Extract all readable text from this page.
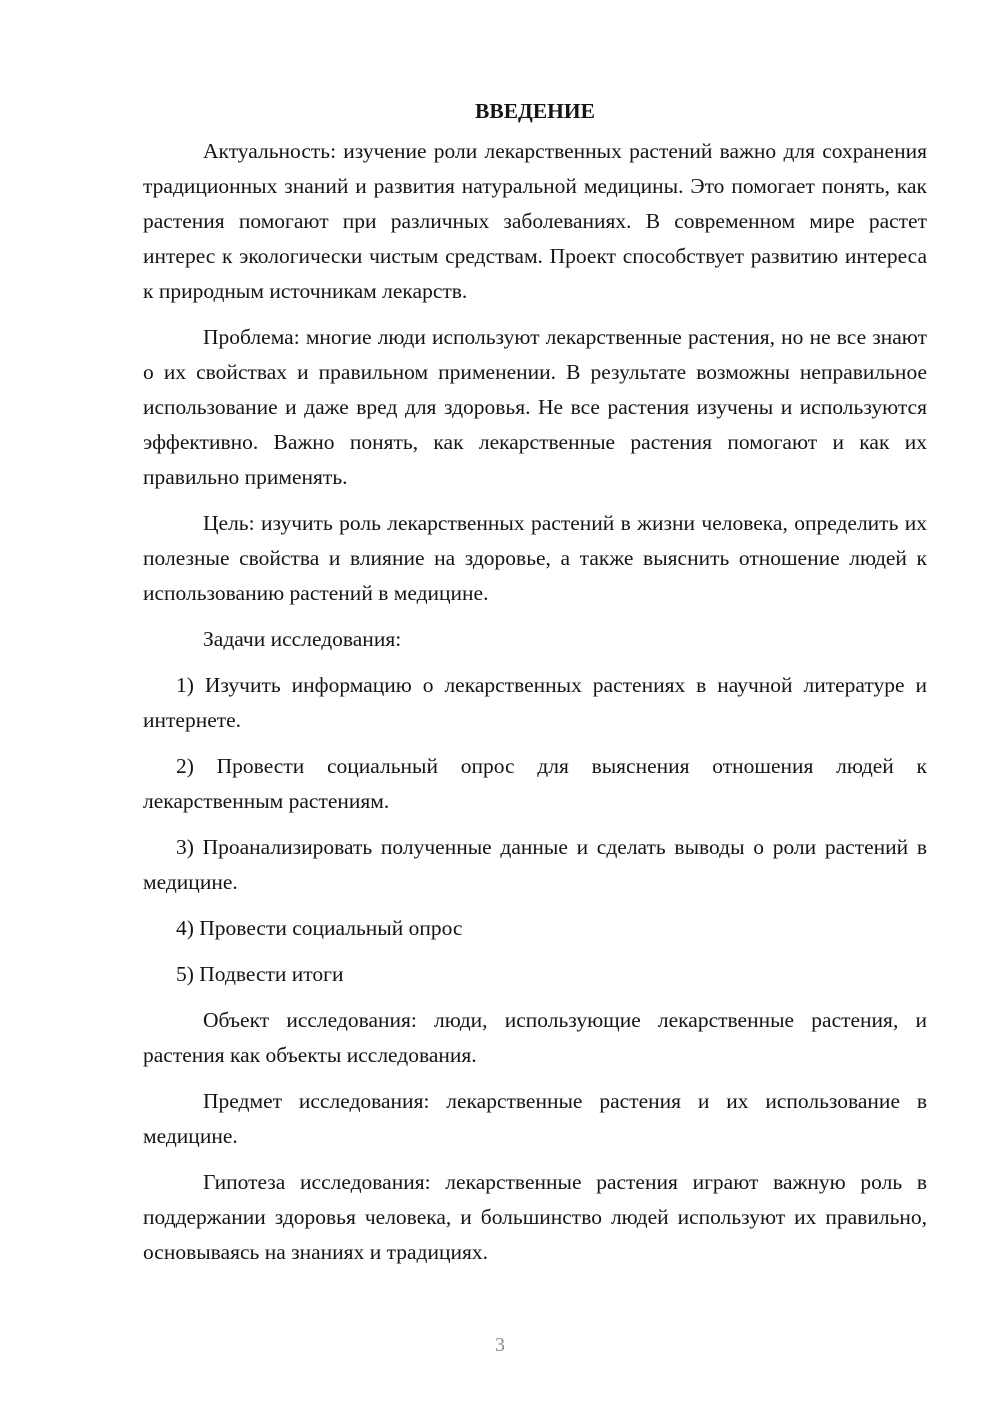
ВВЕДЕНИЕ

Актуальность: изучение роли лекарственных растений важно для сохранения традиционных знаний и развития натуральной медицины. Это помогает понять, как растения помогают при различных заболеваниях. В современном мире растет интерес к экологически чистым средствам. Проект способствует развитию интереса к природным источникам лекарств.

Проблема: многие люди используют лекарственные растения, но не все знают о их свойствах и правильном применении. В результате возможны неправильное использование и даже вред для здоровья. Не все растения изучены и используются эффективно. Важно понять, как лекарственные растения помогают и как их правильно применять.

Цель: изучить роль лекарственных растений в жизни человека, определить их полезные свойства и влияние на здоровье, а также выяснить отношение людей к использованию растений в медицине.

Задачи исследования:

1) Изучить информацию о лекарственных растениях в научной литературе и интернете.

2) Провести социальный опрос для выяснения отношения людей к лекарственным растениям.

3) Проанализировать полученные данные и сделать выводы о роли растений в медицине.

4) Провести социальный опрос

5) Подвести итоги

Объект исследования: люди, использующие лекарственные растения, и растения как объекты исследования.

Предмет исследования: лекарственные растения и их использование в медицине.

Гипотеза исследования: лекарственные растения играют важную роль в поддержании здоровья человека, и большинство людей используют их правильно, основываясь на знаниях и традициях.

3
